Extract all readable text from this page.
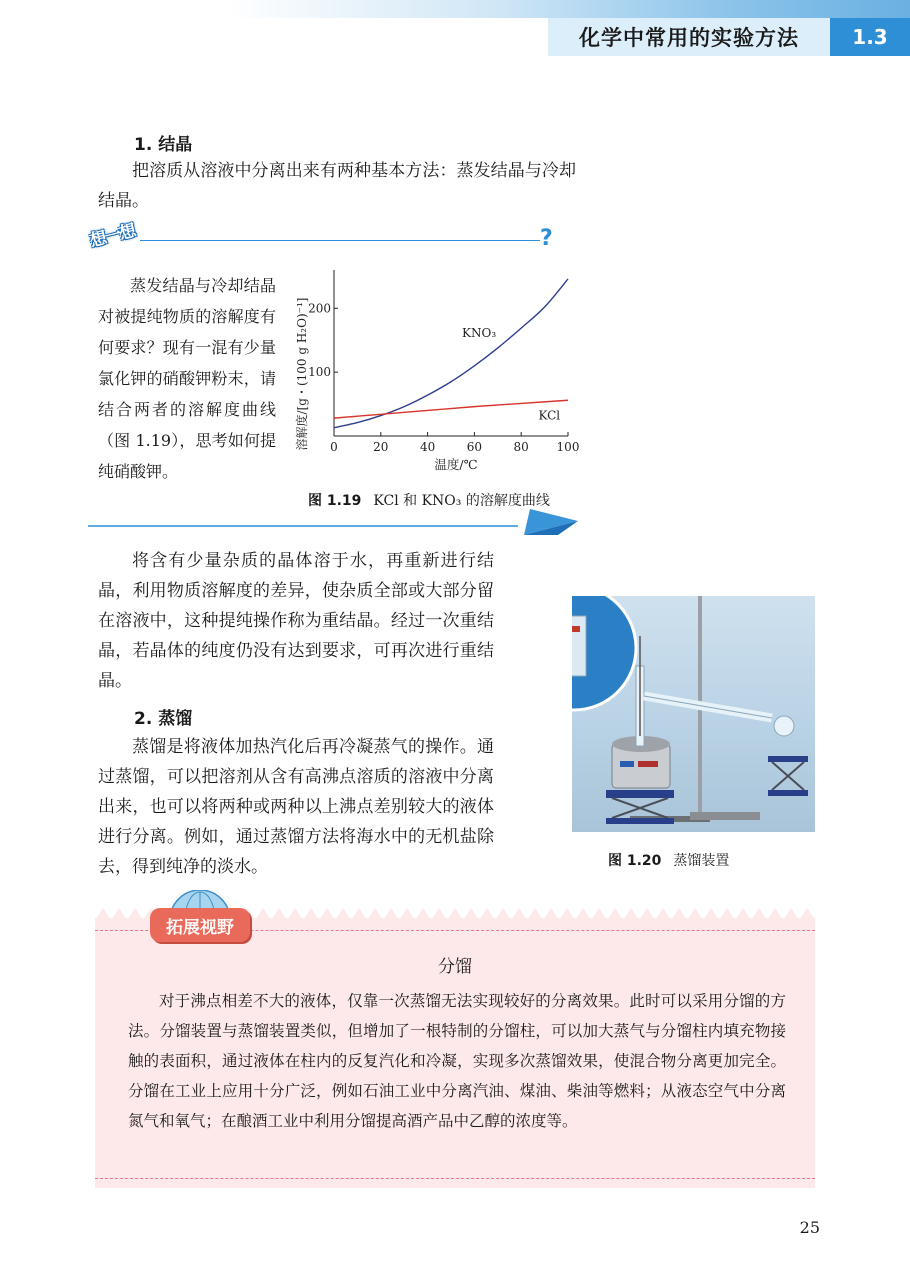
化学中常用的实验方法	1.3
1. 结晶

把溶质从溶液中分离出来有两种基本方法：蒸发结晶与冷却结晶。

想一想	?

蒸发结晶与冷却结晶对被提纯物质的溶解度有何要求？现有一混有少量氯化钾的硝酸钾粉末，请结合两者的溶解度曲线（图 1.19），思考如何提纯硝酸钾。

KNO₃
KCl
0	20	40	60	80 100
100
200
溶解度/[g・(100 g H₂O)⁻¹]
温度/℃
图 1.19 KCl 和 KNO₃ 的溶解度曲线

将含有少量杂质的晶体溶于水，再重新进行结晶，利用物质溶解度的差异，使杂质全部或大部分留在溶液中，这种提纯操作称为重结晶。经过一次重结晶，若晶体的纯度仍没有达到要求，可再次进行重结晶。

2. 蒸馏

蒸馏是将液体加热汽化后再冷凝蒸气的操作。通过蒸馏，可以把溶剂从含有高沸点溶质的溶液中分离出来，也可以将两种或两种以上沸点差别较大的液体进行分离。例如，通过蒸馏方法将海水中的无机盐除去，得到纯净的淡水。	图 1.20 蒸馏装置
拓展视野
分馏

对于沸点相差不大的液体，仅靠一次蒸馏无法实现较好的分离效果。此时可以采用分馏的方法。分馏装置与蒸馏装置类似，但增加了一根特制的分馏柱，可以加大蒸气与分馏柱内填充物接触的表面积，通过液体在柱内的反复汽化和冷凝，实现多次蒸馏效果，使混合物分离更加完全。分馏在工业上应用十分广泛，例如石油工业中分离汽油、煤油、柴油等燃料；从液态空气中分离氮气和氧气；在酿酒工业中利用分馏提高酒产品中乙醇的浓度等。

25
